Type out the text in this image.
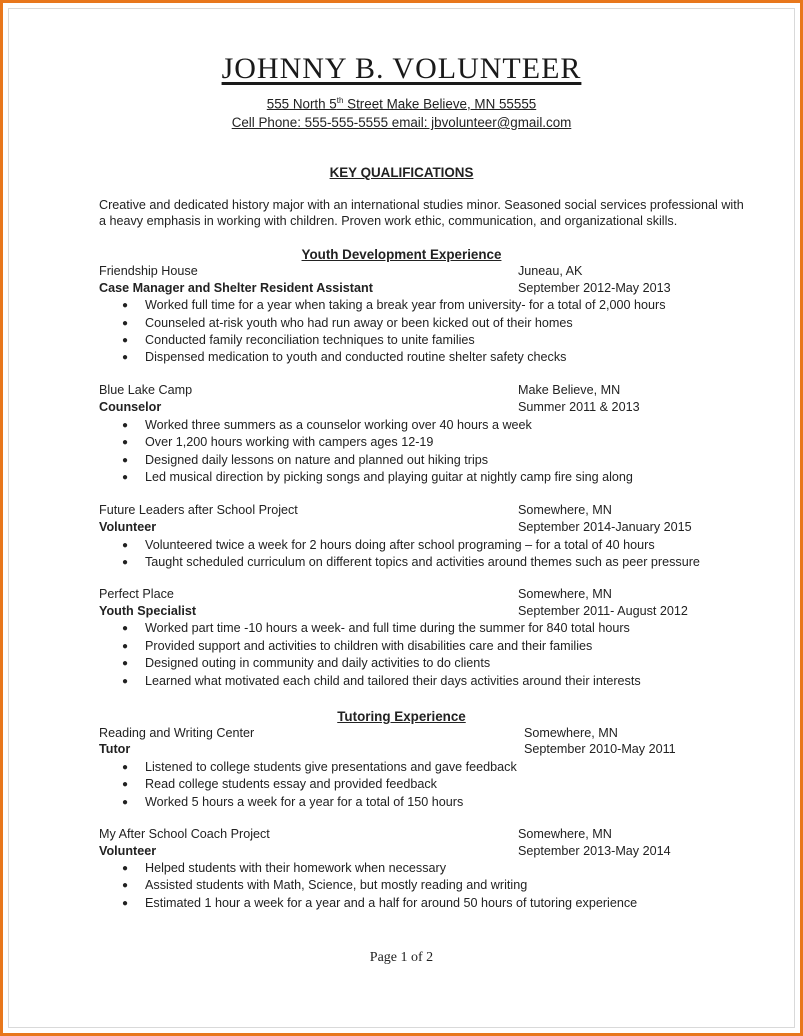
JOHNNY B. VOLUNTEER
555 North 5th Street Make Believe, MN 55555
Cell Phone: 555-555-5555 email: jbvolunteer@gmail.com
KEY QUALIFICATIONS
Creative and dedicated history major with an international studies minor. Seasoned social services professional with
a heavy emphasis in working with children. Proven work ethic, communication, and organizational skills.
Youth Development Experience
Friendship House	Juneau, AK
Case Manager and Shelter Resident Assistant	September 2012-May 2013
● Worked full time for a year when taking a break year from university- for a total of 2,000 hours
● Counseled at-risk youth who had run away or been kicked out of their homes
● Conducted family reconciliation techniques to unite families
● Dispensed medication to youth and conducted routine shelter safety checks
Blue Lake Camp	Make Believe, MN
Counselor	Summer 2011 & 2013
● Worked three summers as a counselor working over 40 hours a week
● Over 1,200 hours working with campers ages 12-19
● Designed daily lessons on nature and planned out hiking trips
● Led musical direction by picking songs and playing guitar at nightly camp fire sing along
Future Leaders after School Project	Somewhere, MN
Volunteer	September 2014-January 2015
● Volunteered twice a week for 2 hours doing after school programing – for a total of 40 hours
● Taught scheduled curriculum on different topics and activities around themes such as peer pressure
Perfect Place	Somewhere, MN
Youth Specialist	September 2011- August 2012
● Worked part time -10 hours a week- and full time during the summer for 840 total hours
● Provided support and activities to children with disabilities care and their families
● Designed outing in community and daily activities to do clients
● Learned what motivated each child and tailored their days activities around their interests
Tutoring Experience
Reading and Writing Center	Somewhere, MN
Tutor	September 2010-May 2011
● Listened to college students give presentations and gave feedback
● Read college students essay and provided feedback
● Worked 5 hours a week for a year for a total of 150 hours
My After School Coach Project	Somewhere, MN
Volunteer	September 2013-May 2014
● Helped students with their homework when necessary
● Assisted students with Math, Science, but mostly reading and writing
● Estimated 1 hour a week for a year and a half for around 50 hours of tutoring experience
Page 1 of 2
